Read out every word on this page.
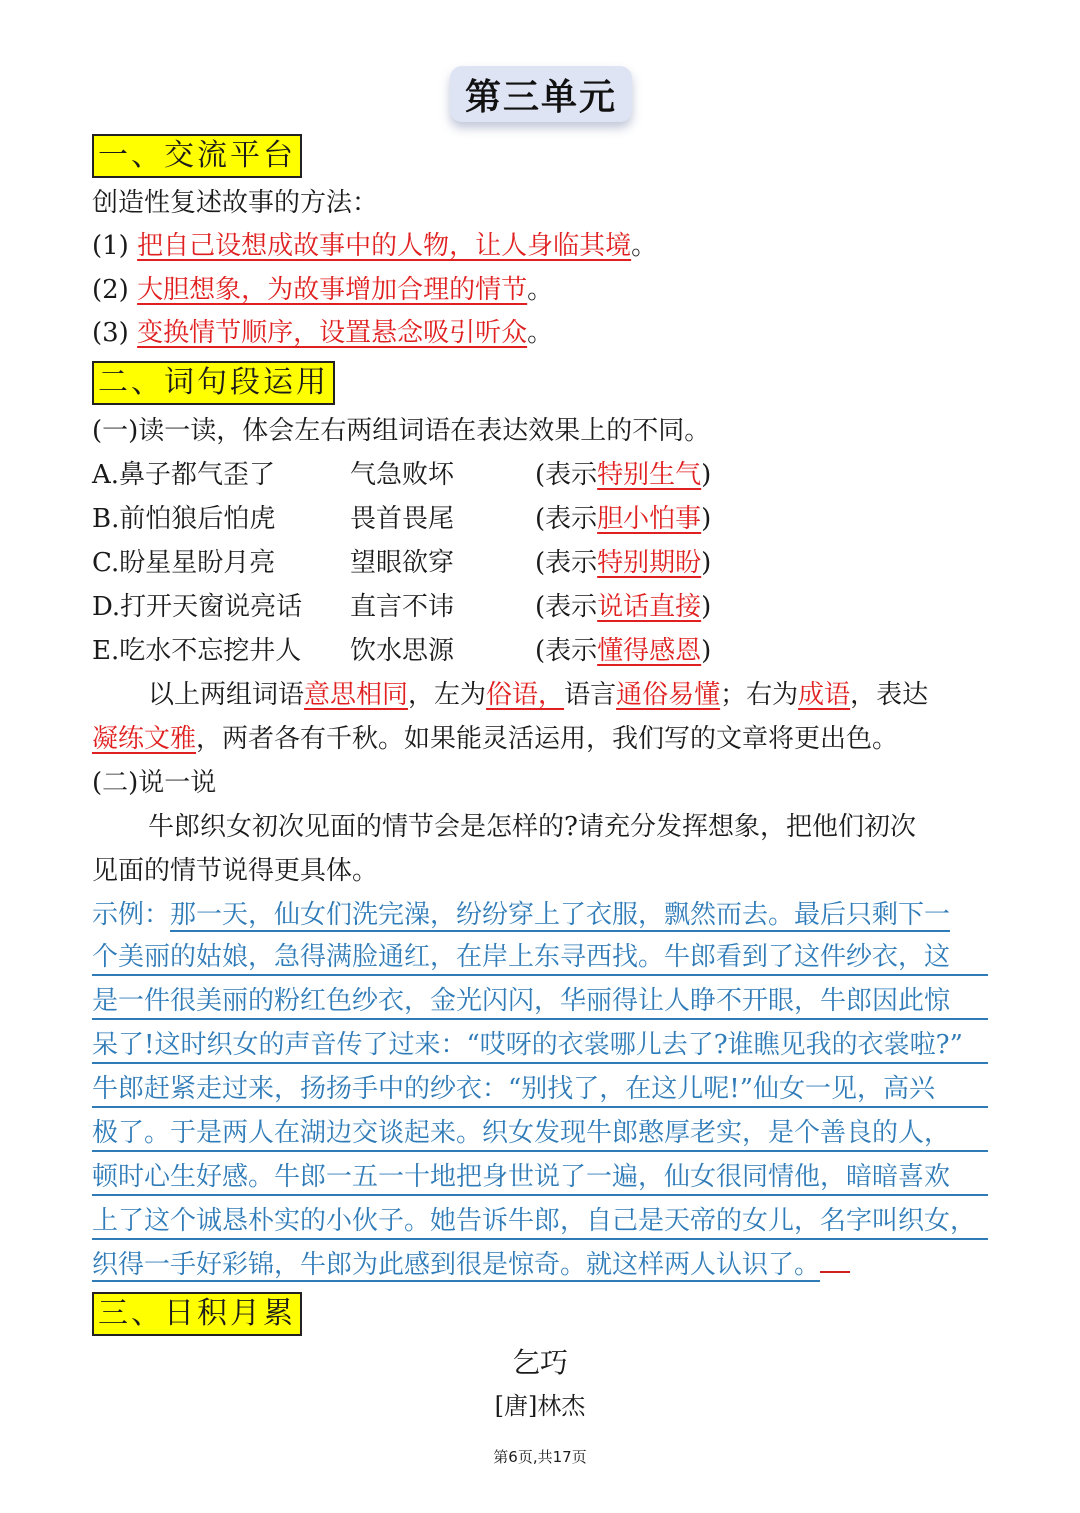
第三单元
一、交流平台
创造性复述故事的方法：
(1) 把自己设想成故事中的人物，让人身临其境。
(2) 大胆想象，为故事增加合理的情节。
(3) 变换情节顺序，设置悬念吸引听众。
二、词句段运用
(一)读一读，体会左右两组词语在表达效果上的不同。
A.鼻子都气歪了	气急败坏	(表示特别生气)
B.前怕狼后怕虎	畏首畏尾	(表示胆小怕事)
C.盼星星盼月亮	望眼欲穿	(表示特别期盼)
D.打开天窗说亮话 直言不讳	(表示说话直接)
E.吃水不忘挖井人 饮水思源	(表示懂得感恩)
以上两组词语意思相同，左为俗语，语言通俗易懂；右为成语，表达
凝练文雅，两者各有千秋。如果能灵活运用，我们写的文章将更出色。
(二)说一说
牛郎织女初次见面的情节会是怎样的?请充分发挥想象，把他们初次
见面的情节说得更具体。
示例：那一天，仙女们洗完澡，纷纷穿上了衣服，飘然而去。最后只剩下一
个美丽的姑娘，急得满脸通红，在岸上东寻西找。牛郎看到了这件纱衣，这
是一件很美丽的粉红色纱衣，金光闪闪，华丽得让人睁不开眼，牛郎因此惊
呆了!这时织女的声音传了过来：“哎呀的衣裳哪儿去了?谁瞧见我的衣裳啦?”
牛郎赶紧走过来，扬扬手中的纱衣：“别找了，在这儿呢!”仙女一见，高兴
极了。于是两人在湖边交谈起来。织女发现牛郎憨厚老实，是个善良的人，
顿时心生好感。牛郎一五一十地把身世说了一遍，仙女很同情他，暗暗喜欢
上了这个诚恳朴实的小伙子。她告诉牛郎，自己是天帝的女儿，名字叫织女，
织得一手好彩锦，牛郎为此感到很是惊奇。就这样两人认识了。
三、日积月累
乞巧
[唐]林杰
第6页,共17页
